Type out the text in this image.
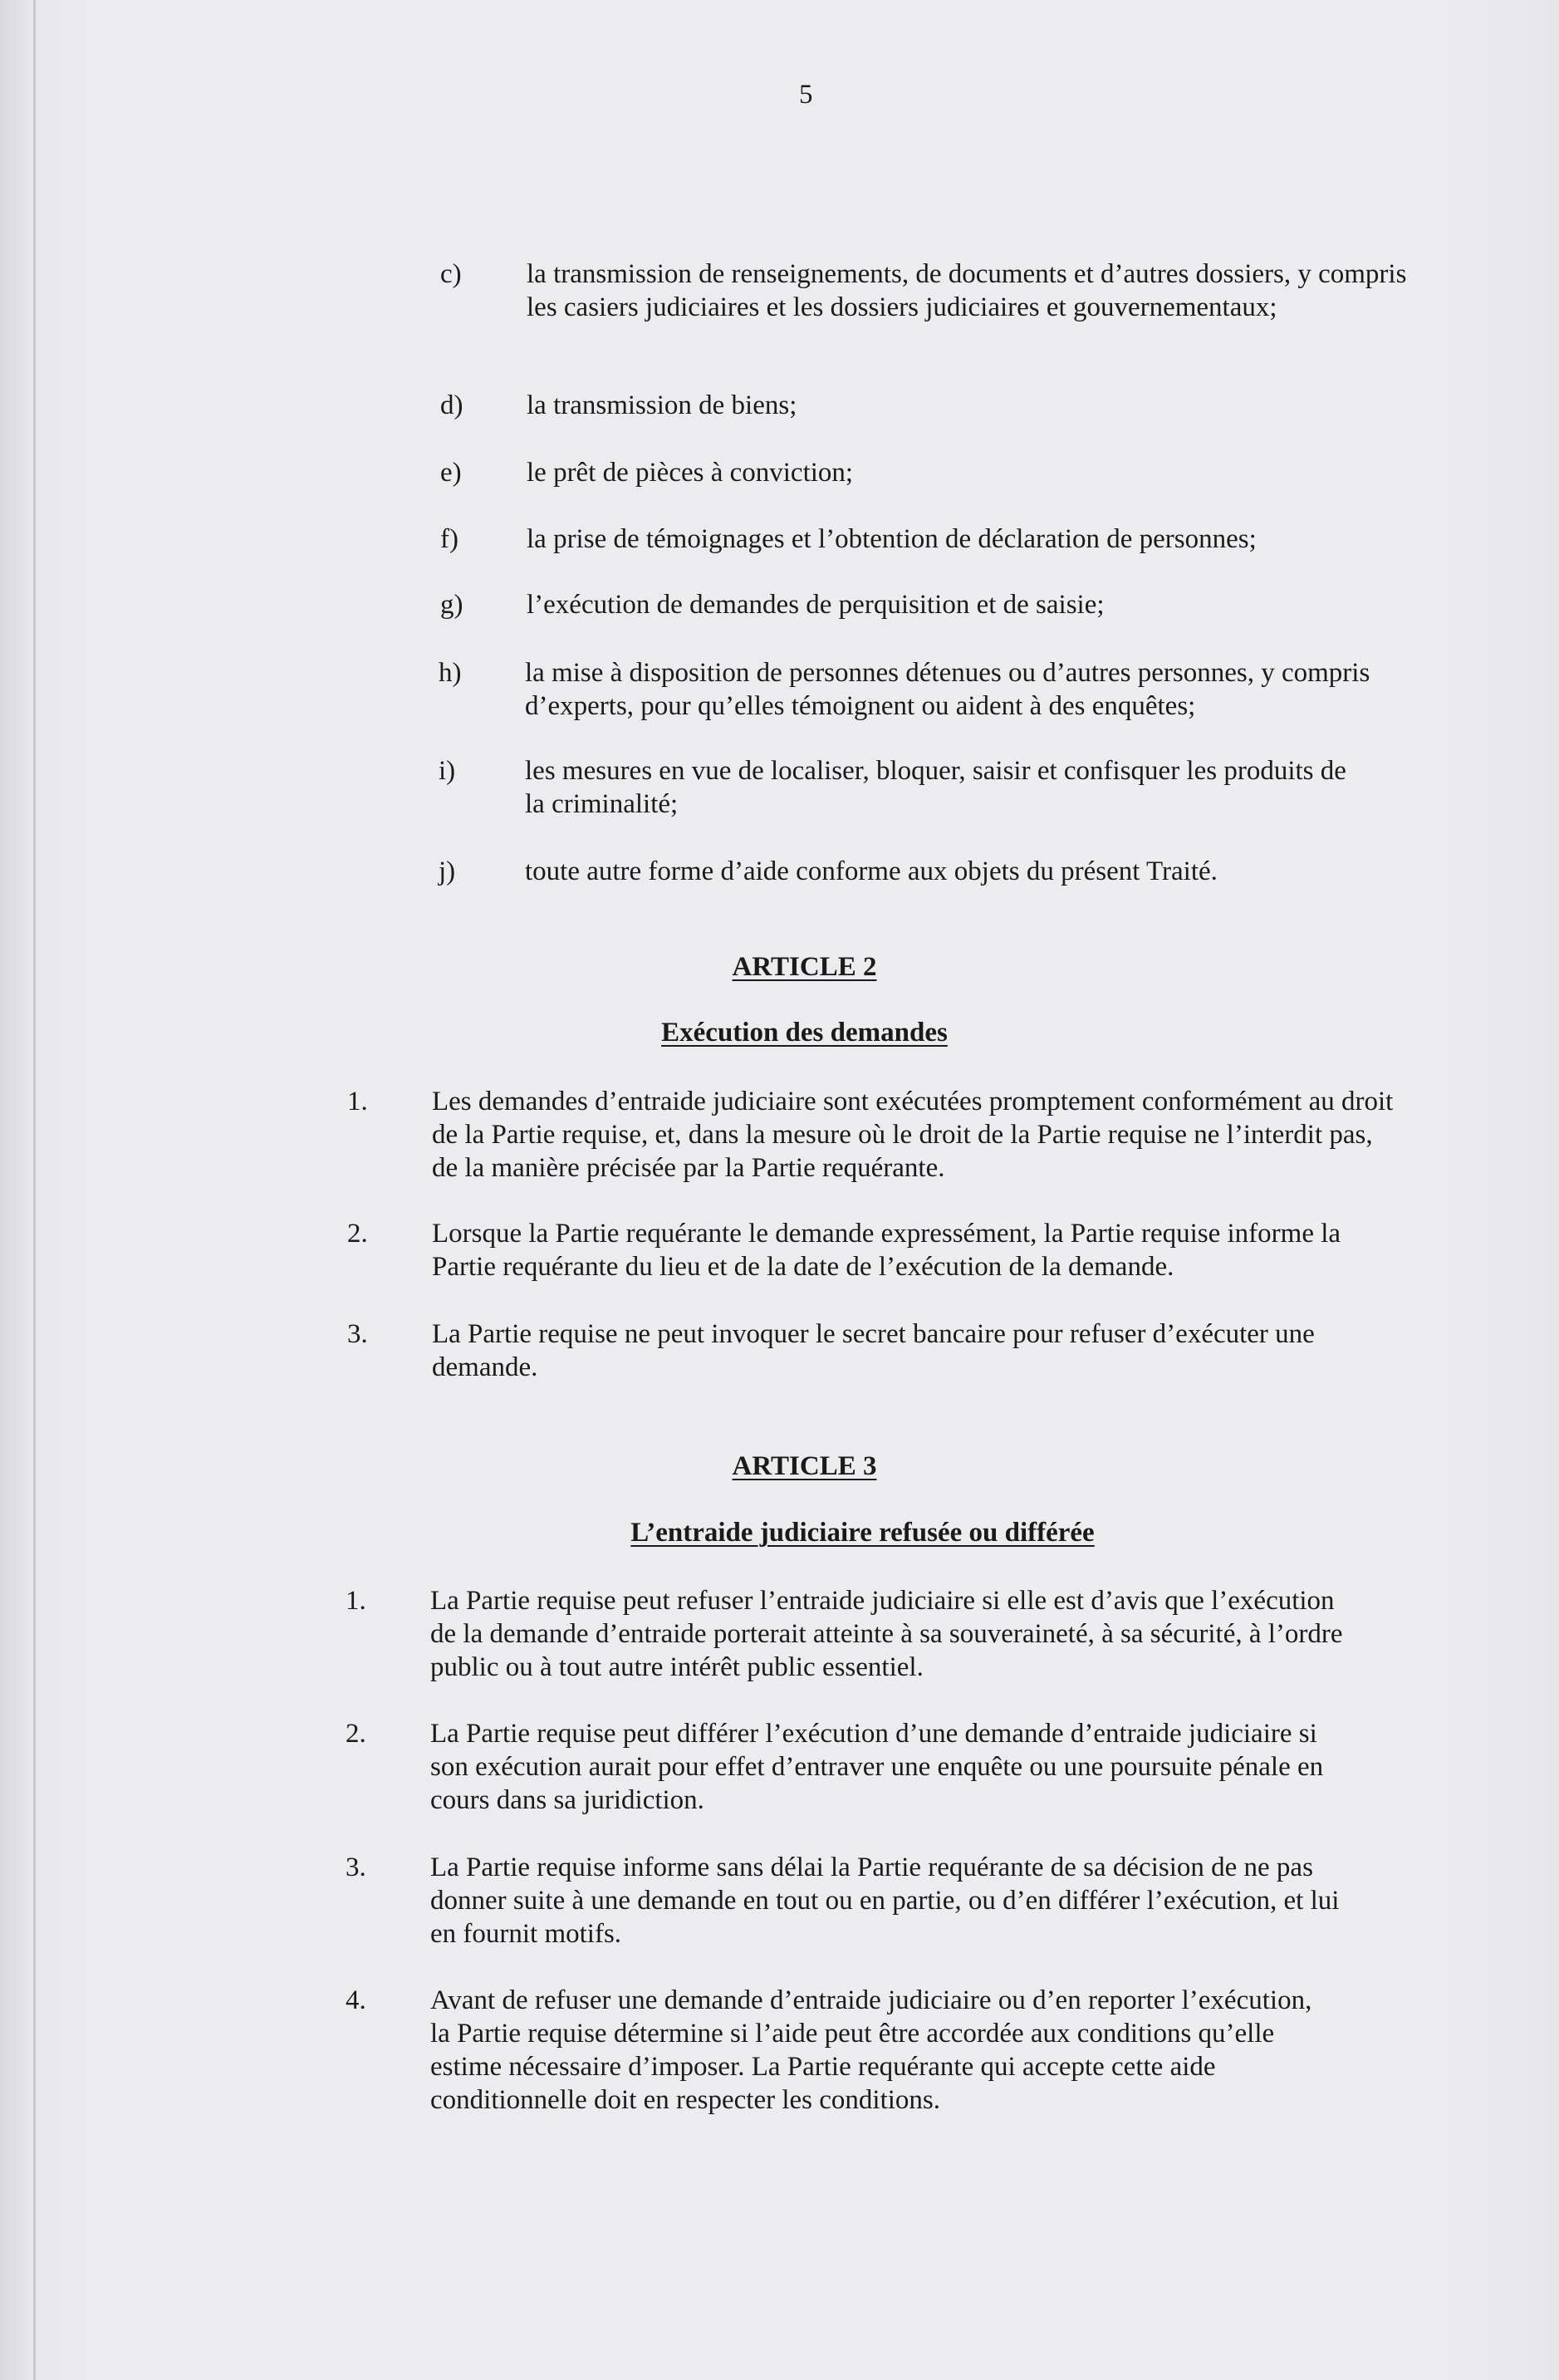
5
c) la transmission de renseignements, de documents et d’autres dossiers, y compris les casiers judiciaires et les dossiers judiciaires et gouvernementaux;
d) la transmission de biens;
e) le prêt de pièces à conviction;
f) la prise de témoignages et l’obtention de déclaration de personnes;
g) l’exécution de demandes de perquisition et de saisie;
h) la mise à disposition de personnes détenues ou d’autres personnes, y compris d’experts, pour qu’elles témoignent ou aident à des enquêtes;
i)	les mesures en vue de localiser, bloquer, saisir et confisquer les produits de la criminalité;
j)	toute autre forme d’aide conforme aux objets du présent Traité.
ARTICLE 2
Exécution des demandes
1. Les demandes d’entraide judiciaire sont exécutées promptement conformément au droit de la Partie requise, et, dans la mesure où le droit de la Partie requise ne l’interdit pas, de la manière précisée par la Partie requérante.
2. Lorsque la Partie requérante le demande expressément, la Partie requise informe la Partie requérante du lieu et de la date de l’exécution de la demande.
3. La Partie requise ne peut invoquer le secret bancaire pour refuser d’exécuter une demande.
ARTICLE 3
L’entraide judiciaire refusée ou différée
1. La Partie requise peut refuser l’entraide judiciaire si elle est d’avis que l’exécution de la demande d’entraide porterait atteinte à sa souveraineté, à sa sécurité, à l’ordre public ou à tout autre intérêt public essentiel.
2. La Partie requise peut différer l’exécution d’une demande d’entraide judiciaire si son exécution aurait pour effet d’entraver une enquête ou une poursuite pénale en cours dans sa juridiction.
3. La Partie requise informe sans délai la Partie requérante de sa décision de ne pas donner suite à une demande en tout ou en partie, ou d’en différer l’exécution, et lui en fournit motifs.
4. Avant de refuser une demande d’entraide judiciaire ou d’en reporter l’exécution, la Partie requise détermine si l’aide peut être accordée aux conditions qu’elle estime nécessaire d’imposer. La Partie requérante qui accepte cette aide conditionnelle doit en respecter les conditions.
